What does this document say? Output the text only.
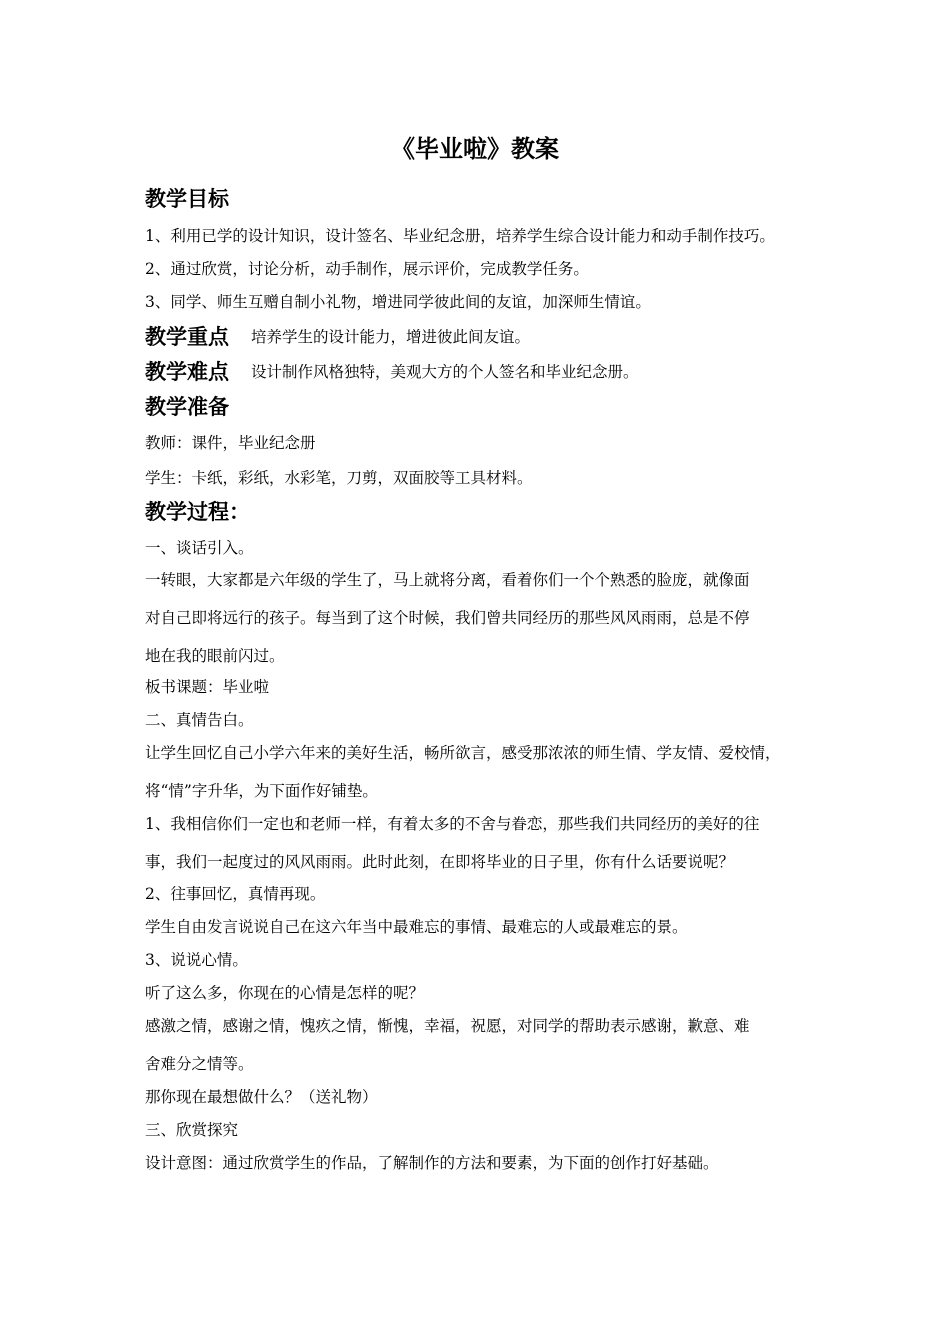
《毕业啦》教案
教学目标
1、利用已学的设计知识，设计签名、毕业纪念册，培养学生综合设计能力和动手制作技巧。
2、通过欣赏，讨论分析，动手制作，展示评价，完成教学任务。
3、同学、师生互赠自制小礼物，增进同学彼此间的友谊，加深师生情谊。
教学重点 培养学生的设计能力，增进彼此间友谊。
教学难点 设计制作风格独特，美观大方的个人签名和毕业纪念册。
教学准备
教师：课件，毕业纪念册
学生：卡纸，彩纸，水彩笔，刀剪，双面胶等工具材料。
教学过程：
一、谈话引入。
一转眼，大家都是六年级的学生了，马上就将分离，看着你们一个个熟悉的脸庞，就像面
对自己即将远行的孩子。每当到了这个时候，我们曾共同经历的那些风风雨雨，总是不停
地在我的眼前闪过。
板书课题：毕业啦
二、真情告白。
让学生回忆自己小学六年来的美好生活，畅所欲言，感受那浓浓的师生情、学友情、爱校情，
将“情”字升华，为下面作好铺垫。
1、我相信你们一定也和老师一样，有着太多的不舍与眷恋，那些我们共同经历的美好的往
事，我们一起度过的风风雨雨。此时此刻，在即将毕业的日子里，你有什么话要说呢？
2、往事回忆，真情再现。
学生自由发言说说自己在这六年当中最难忘的事情、最难忘的人或最难忘的景。
3、说说心情。
听了这么多，你现在的心情是怎样的呢？
感激之情，感谢之情，愧疚之情，惭愧，幸福，祝愿，对同学的帮助表示感谢，歉意、难
舍难分之情等。
那你现在最想做什么？（送礼物）
三、欣赏探究
设计意图：通过欣赏学生的作品，了解制作的方法和要素，为下面的创作打好基础。
